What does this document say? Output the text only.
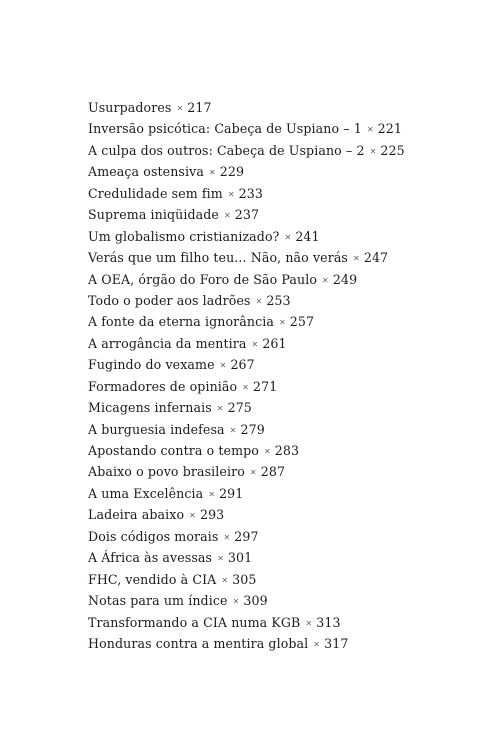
Usurpadores ✕ 217
Inversão psicótica: Cabeça de Uspiano – 1 ✕ 221
A culpa dos outros: Cabeça de Uspiano – 2 ✕ 225
Ameaça ostensiva ✕ 229
Credulidade sem fim ✕ 233
Suprema iniqüidade ✕ 237
Um globalismo cristianizado? ✕ 241
Verás que um filho teu... Não, não verás ✕ 247
A OEA, órgão do Foro de São Paulo ✕ 249
Todo o poder aos ladrões ✕ 253
A fonte da eterna ignorância ✕ 257
A arrogância da mentira ✕ 261
Fugindo do vexame ✕ 267
Formadores de opinião ✕ 271
Micagens infernais ✕ 275
A burguesia indefesa ✕ 279
Apostando contra o tempo ✕ 283
Abaixo o povo brasileiro ✕ 287
A uma Excelência ✕ 291
Ladeira abaixo ✕ 293
Dois códigos morais ✕ 297
A África às avessas ✕ 301
FHC, vendido à CIA ✕ 305
Notas para um índice ✕ 309
Transformando a CIA numa KGB ✕ 313
Honduras contra a mentira global ✕ 317
